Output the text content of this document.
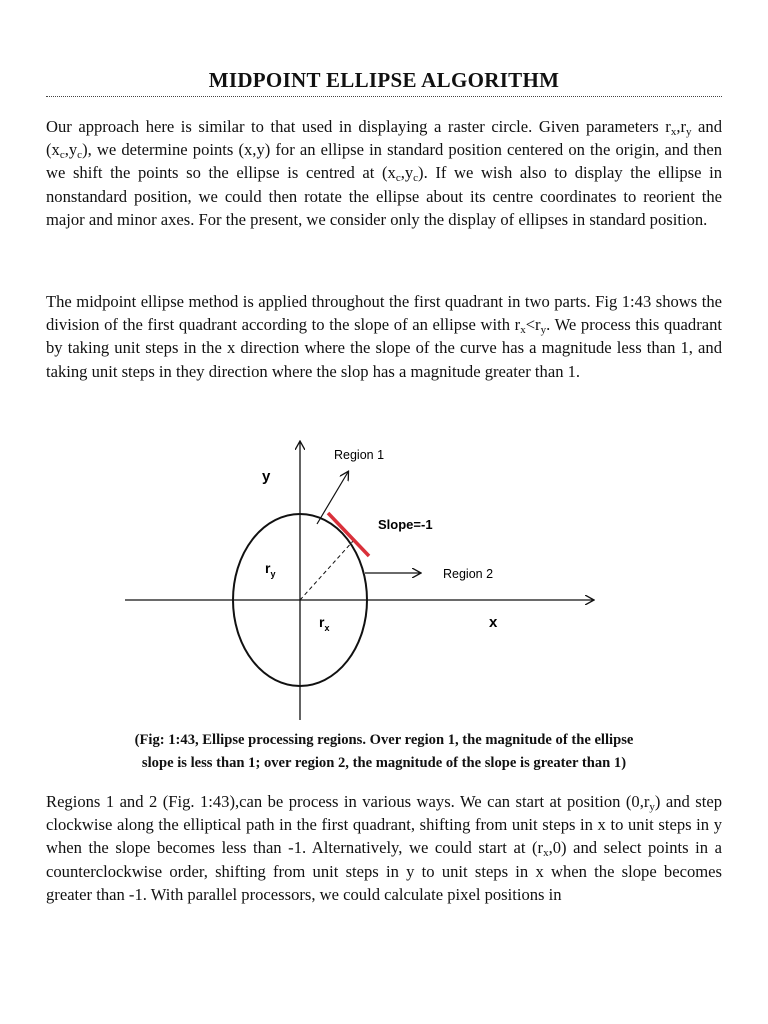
MIDPOINT ELLIPSE ALGORITHM

Our approach here is similar to that used in displaying a raster circle. Given parameters $r_x,r_y$ and $(x_c,y_c)$, we determine points (x,y) for an ellipse in standard position centered on the origin, and then we shift the points so the ellipse is centred at $(x_c,y_c)$. If we wish also to display the ellipse in nonstandard position, we could then rotate the ellipse about its centre coordinates to reorient the major and minor axes. For the present, we consider only the display of ellipses in standard position.

The midpoint ellipse method is applied throughout the first quadrant in two parts. Fig 1:43 shows the division of the first quadrant according to the slope of an ellipse with $r_x<r_y$. We process this quadrant by taking unit steps in the x direction where the slope of the curve has a magnitude less than 1, and taking unit steps in they direction where the slop has a magnitude greater than 1.

Region 1
Region 2
Slope=-1
y
x
$r_y$
$r_x$
(Fig: 1:43, Ellipse processing regions. Over region 1, the magnitude of the ellipse
slope is less than 1; over region 2, the magnitude of the slope is greater than 1)

Regions 1 and 2 (Fig. 1:43),can be process in various ways. We can start at position $(0,r_y)$ and step clockwise along the elliptical path in the first quadrant, shifting from unit steps in x to unit steps in y when the slope becomes less than -1. Alternatively, we could start at $(r_x,0)$ and select points in a counterclockwise order, shifting from unit steps in y to unit steps in x when the slope becomes greater than -1. With parallel processors, we could calculate pixel positions in
